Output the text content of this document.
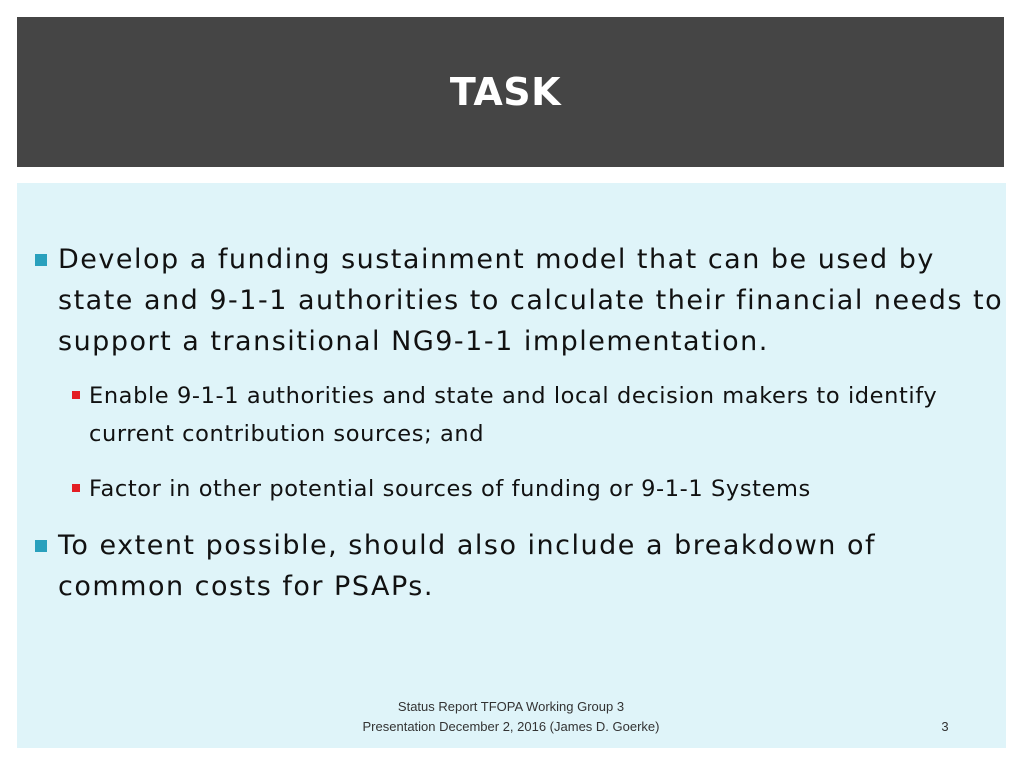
TASK
Develop a funding sustainment model that can be used by state and 9-1-1 authorities to calculate their financial needs to support a transitional NG9-1-1 implementation.
Enable 9-1-1 authorities and state and local decision makers to identify current contribution sources; and
Factor in other potential sources of funding or 9-1-1 Systems
To extent possible, should also include a breakdown of common costs for PSAPs.
Status Report TFOPA Working Group 3
Presentation December 2, 2016 (James D. Goerke)	3
